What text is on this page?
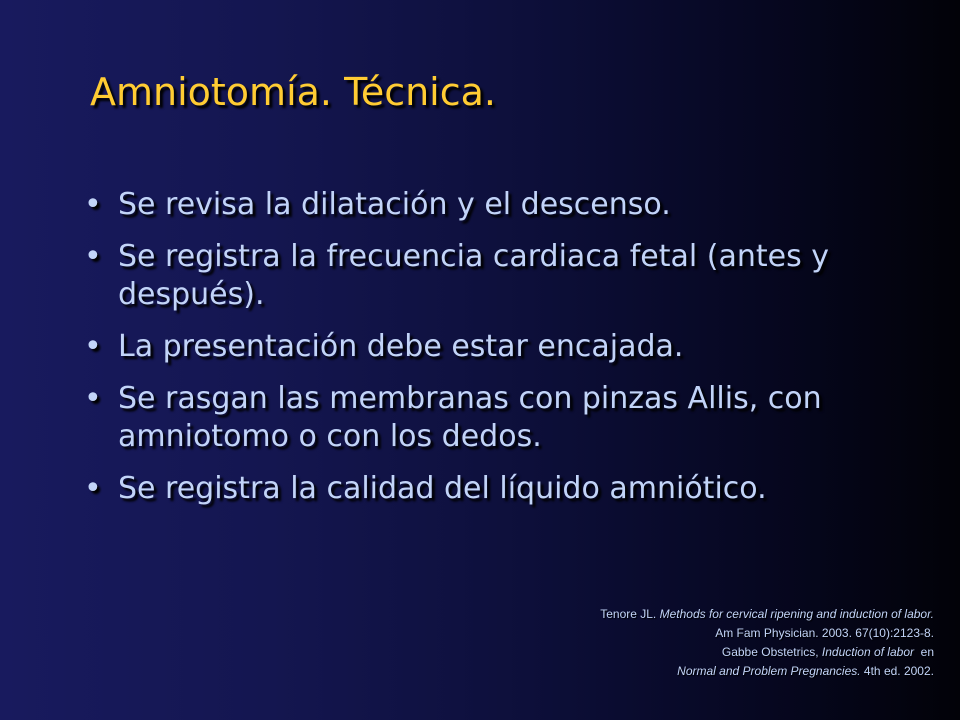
Amniotomía. Técnica.
• Se revisa la dilatación y el descenso.
• Se registra la frecuencia cardiaca fetal (antes y después).
• La presentación debe estar encajada.
• Se rasgan las membranas con pinzas Allis, con amniotomo o con los dedos.
• Se registra la calidad del líquido amniótico.
Tenore JL. Methods for cervical ripening and induction of labor.
Am Fam Physician. 2003. 67(10):2123-8.
Gabbe Obstetrics, Induction of labor  en
Normal and Problem Pregnancies. 4th ed. 2002.
